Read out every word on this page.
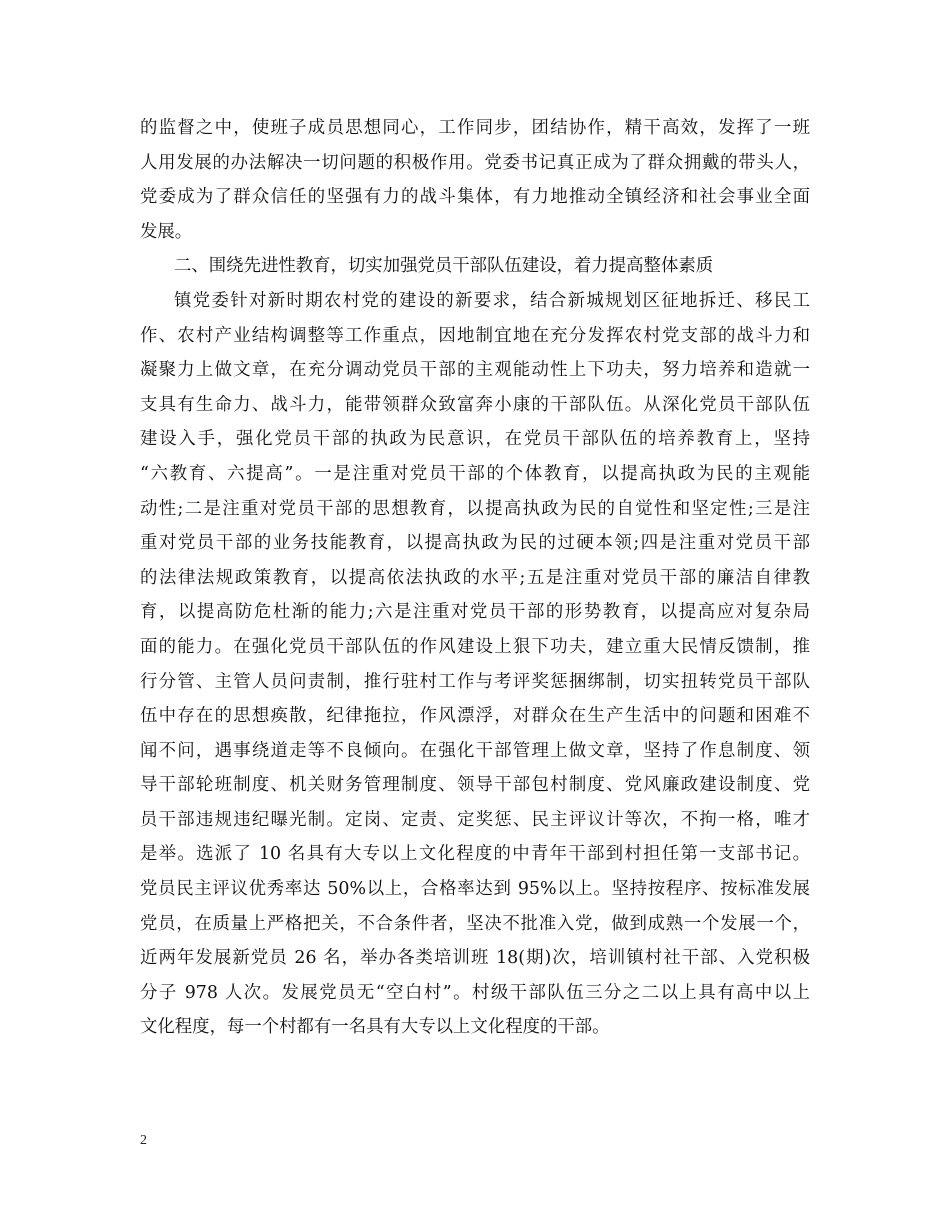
的监督之中，使班子成员思想同心，工作同步，团结协作，精干高效，发挥了一班
人用发展的办法解决一切问题的积极作用。党委书记真正成为了群众拥戴的带头人，
党委成为了群众信任的坚强有力的战斗集体，有力地推动全镇经济和社会事业全面
发展。
二、围绕先进性教育，切实加强党员干部队伍建设，着力提高整体素质
镇党委针对新时期农村党的建设的新要求，结合新城规划区征地拆迁、移民工
作、农村产业结构调整等工作重点，因地制宜地在充分发挥农村党支部的战斗力和
凝聚力上做文章，在充分调动党员干部的主观能动性上下功夫，努力培养和造就一
支具有生命力、战斗力，能带领群众致富奔小康的干部队伍。从深化党员干部队伍
建设入手，强化党员干部的执政为民意识，在党员干部队伍的培养教育上，坚持
“六教育、六提高”。一是注重对党员干部的个体教育，以提高执政为民的主观能
动性;二是注重对党员干部的思想教育，以提高执政为民的自觉性和坚定性;三是注
重对党员干部的业务技能教育，以提高执政为民的过硬本领;四是注重对党员干部
的法律法规政策教育，以提高依法执政的水平;五是注重对党员干部的廉洁自律教
育，以提高防危杜渐的能力;六是注重对党员干部的形势教育，以提高应对复杂局
面的能力。在强化党员干部队伍的作风建设上狠下功夫，建立重大民情反馈制，推
行分管、主管人员问责制，推行驻村工作与考评奖惩捆绑制，切实扭转党员干部队
伍中存在的思想痪散，纪律拖拉，作风漂浮，对群众在生产生活中的问题和困难不
闻不问，遇事绕道走等不良倾向。在强化干部管理上做文章，坚持了作息制度、领
导干部轮班制度、机关财务管理制度、领导干部包村制度、党风廉政建设制度、党
员干部违规违纪曝光制。定岗、定责、定奖惩、民主评议计等次，不拘一格，唯才
是举。选派了 10 名具有大专以上文化程度的中青年干部到村担任第一支部书记。
党员民主评议优秀率达 50%以上，合格率达到 95%以上。坚持按程序、按标准发展
党员，在质量上严格把关，不合条件者，坚决不批准入党，做到成熟一个发展一个，
近两年发展新党员 26 名，举办各类培训班 18(期)次，培训镇村社干部、入党积极
分子 978 人次。发展党员无“空白村”。村级干部队伍三分之二以上具有高中以上
文化程度，每一个村都有一名具有大专以上文化程度的干部。
2
